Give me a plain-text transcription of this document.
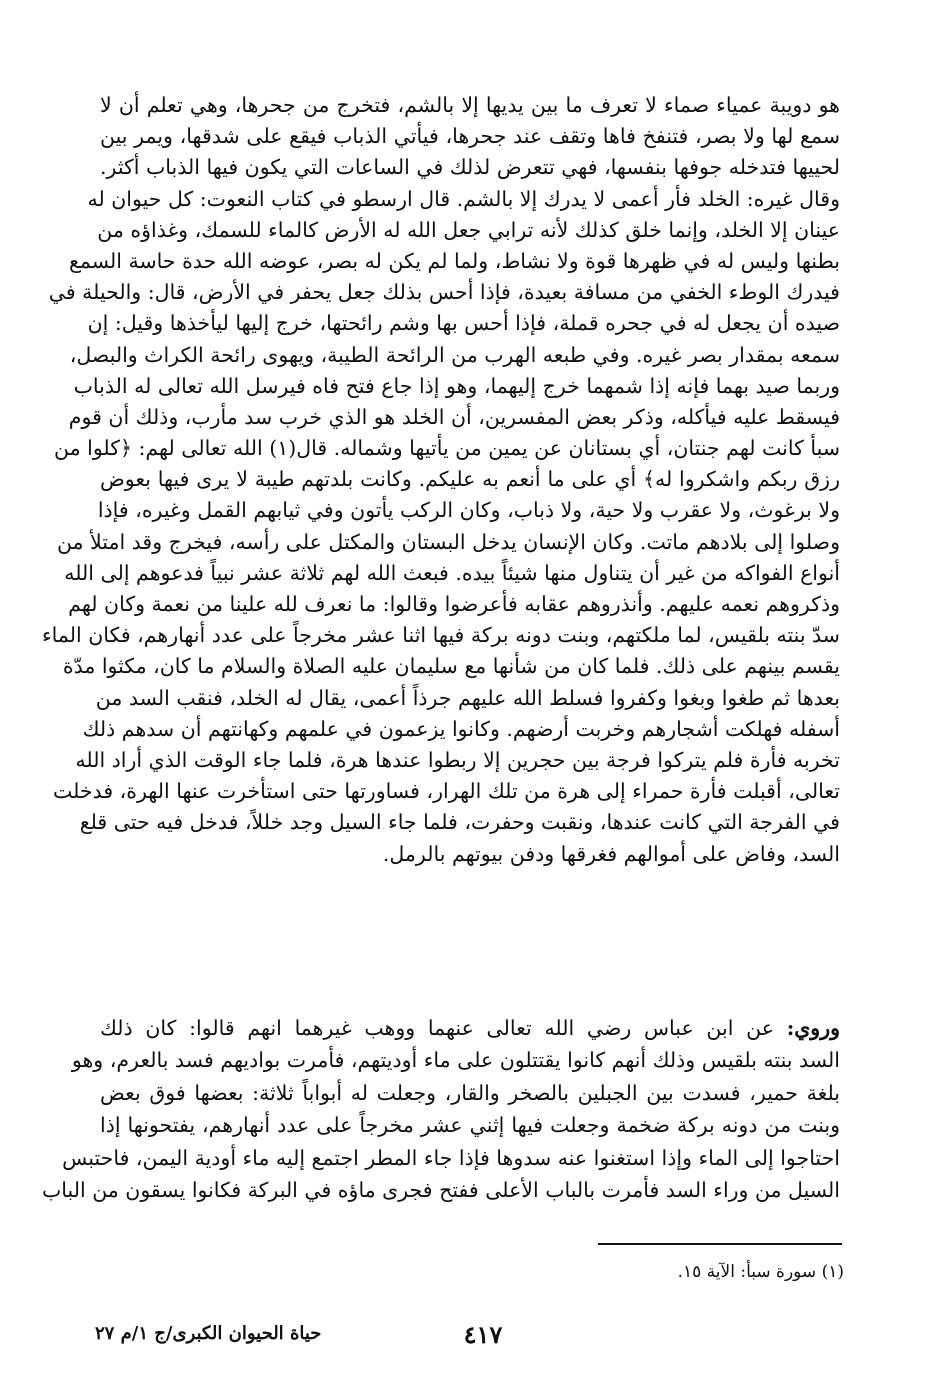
هو دويبة عمياء صماء لا تعرف ما بين يديها إلا بالشم، فتخرج من جحرها، وهي تعلم أن لا
سمع لها ولا بصر، فتنفخ فاها وتقف عند جحرها، فيأتي الذباب فيقع على شدقها، ويمر بين
لحييها فتدخله جوفها بنفسها، فهي تتعرض لذلك في الساعات التي يكون فيها الذباب أكثر.
وقال غيره: الخلد فأر أعمى لا يدرك إلا بالشم. قال ارسطو في كتاب النعوت: كل حيوان له
عينان إلا الخلد، وإنما خلق كذلك لأنه ترابي جعل الله له الأرض كالماء للسمك، وغذاؤه من
بطنها وليس له في ظهرها قوة ولا نشاط، ولما لم يكن له بصر، عوضه الله حدة حاسة السمع
فيدرك الوطء الخفي من مسافة بعيدة، فإذا أحس بذلك جعل يحفر في الأرض، قال: والحيلة في
صيده أن يجعل له في جحره قملة، فإذا أحس بها وشم رائحتها، خرج إليها ليأخذها وقيل: إن
سمعه بمقدار بصر غيره. وفي طبعه الهرب من الرائحة الطيبة، ويهوى رائحة الكراث والبصل،
وربما صيد بهما فإنه إذا شمهما خرج إليهما، وهو إذا جاع فتح فاه فيرسل الله تعالى له الذباب
فيسقط عليه فيأكله، وذكر بعض المفسرين، أن الخلد هو الذي خرب سد مأرب، وذلك أن قوم
سبأ كانت لهم جنتان، أي بستانان عن يمين من يأتيها وشماله. قال(١) الله تعالى لهم: ﴿كلوا من
رزق ربكم واشكروا له﴾ أي على ما أنعم به عليكم. وكانت بلدتهم طيبة لا يرى فيها بعوض
ولا برغوث، ولا عقرب ولا حية، ولا ذباب، وكان الركب يأتون وفي ثيابهم القمل وغيره، فإذا
وصلوا إلى بلادهم ماتت. وكان الإنسان يدخل البستان والمكتل على رأسه، فيخرج وقد امتلأ من
أنواع الفواكه من غير أن يتناول منها شيئاً بيده. فبعث الله لهم ثلاثة عشر نبياً فدعوهم إلى الله
وذكروهم نعمه عليهم. وأنذروهم عقابه فأعرضوا وقالوا: ما نعرف لله علينا من نعمة وكان لهم
سدّ بنته بلقيس، لما ملكتهم، وبنت دونه بركة فيها اثنا عشر مخرجاً على عدد أنهارهم، فكان الماء
يقسم بينهم على ذلك. فلما كان من شأنها مع سليمان عليه الصلاة والسلام ما كان، مكثوا مدّة
بعدها ثم طغوا وبغوا وكفروا فسلط الله عليهم جرذاً أعمى، يقال له الخلد، فنقب السد من
أسفله فهلكت أشجارهم وخربت أرضهم. وكانوا يزعمون في علمهم وكهانتهم أن سدهم ذلك
تخربه فأرة فلم يتركوا فرجة بين حجرين إلا ربطوا عندها هرة، فلما جاء الوقت الذي أراد الله
تعالى، أقبلت فأرة حمراء إلى هرة من تلك الهرار، فساورتها حتى استأخرت عنها الهرة، فدخلت
في الفرجة التي كانت عندها، ونقبت وحفرت، فلما جاء السيل وجد خللاً، فدخل فيه حتى قلع
السد، وفاض على أموالهم فغرقها ودفن بيوتهم بالرمل.
وروي: عن ابن عباس رضي الله تعالى عنهما ووهب غيرهما انهم قالوا: كان ذلك
السد بنته بلقيس وذلك أنهم كانوا يقتتلون على ماء أوديتهم، فأمرت بواديهم فسد بالعرم، وهو
بلغة حمير، فسدت بين الجبلين بالصخر والقار، وجعلت له أبواباً ثلاثة: بعضها فوق بعض
وبنت من دونه بركة ضخمة وجعلت فيها إثني عشر مخرجاً على عدد أنهارهم، يفتحونها إذا
احتاجوا إلى الماء وإذا استغنوا عنه سدوها فإذا جاء المطر اجتمع إليه ماء أودية اليمن، فاحتبس
السيل من وراء السد فأمرت بالباب الأعلى ففتح فجرى ماؤه في البركة فكانوا يسقون من الباب
(١) سورة سبأ: الآية ١٥.
٤١٧
حياة الحيوان الكبرى/ج ١/م ٢٧
